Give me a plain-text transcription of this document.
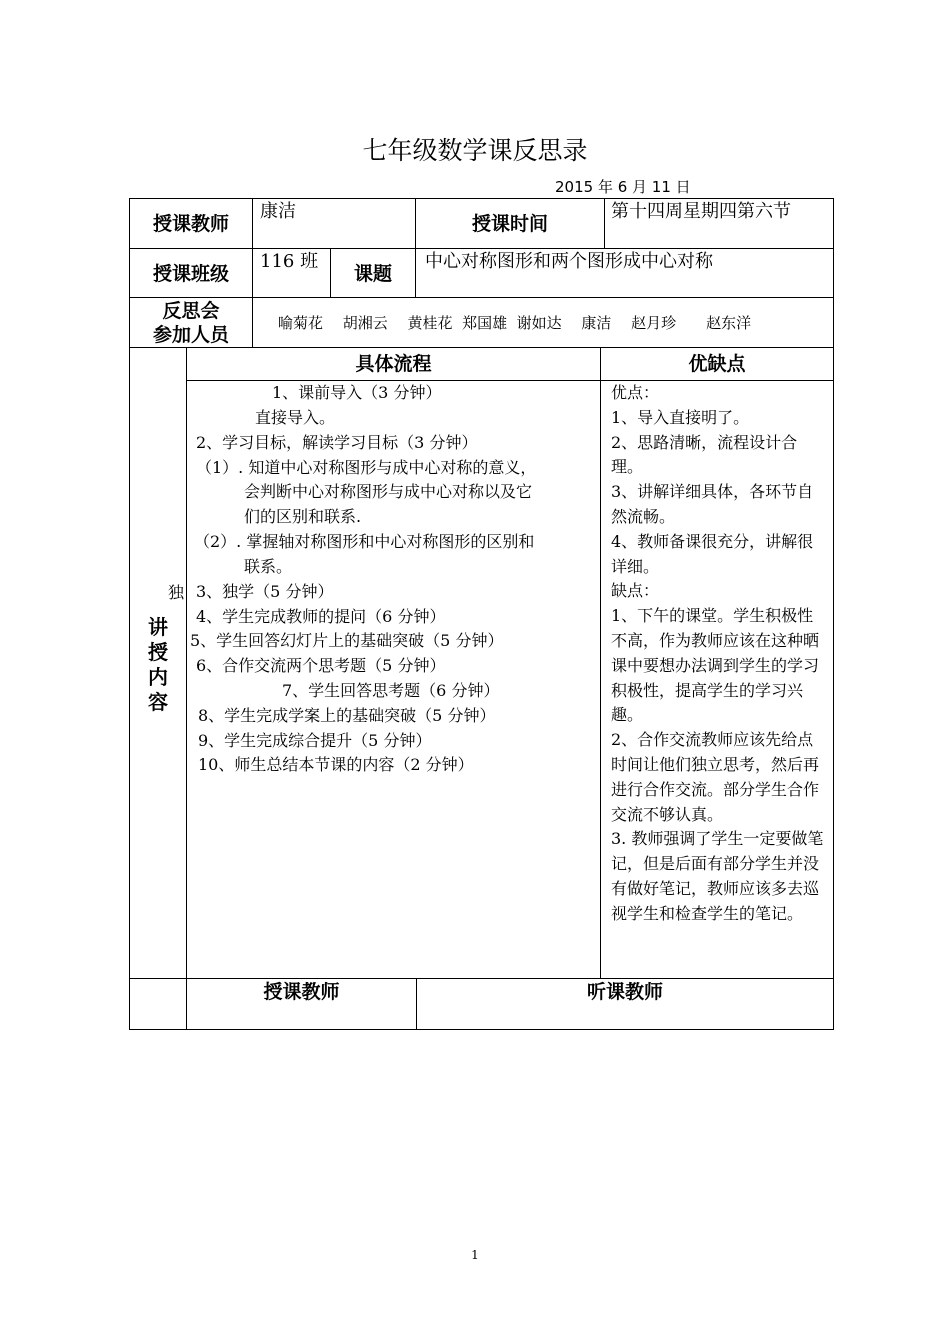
七年级数学课反思录
2015 年 6 月 11 日
授课教师
康洁
授课时间
第十四周星期四第六节
授课班级
116 班
课题
中心对称图形和两个图形成中心对称
反思会
参加人员
喻菊花　 胡湘云　 黄桂花  郑国雄  谢如达　 康洁　 赵月珍　　赵东洋
具体流程	优缺点
独
讲
授
内
容
1、课前导入（3 分钟）
直接导入。
2、学习目标，解读学习目标（3 分钟）
（1）. 知道中心对称图形与成中心对称的意义，
会判断中心对称图形与成中心对称以及它
们的区别和联系.
（2）. 掌握轴对称图形和中心对称图形的区别和
联系。
3、独学（5 分钟）
4、学生完成教师的提问（6 分钟）
5、学生回答幻灯片上的基础突破（5 分钟）
6、合作交流两个思考题（5 分钟）
7、学生回答思考题（6 分钟）
8、学生完成学案上的基础突破（5 分钟）
9、学生完成综合提升（5 分钟）
10、师生总结本节课的内容（2 分钟）
优点：
1、导入直接明了。
2、思路清晰，流程设计合理。
3、讲解详细具体，各环节自然流畅。
4、教师备课很充分，讲解很详细。
缺点：
1、下午的课堂。学生积极性不高，作为教师应该在这种晒课中要想办法调到学生的学习积极性，提高学生的学习兴趣。
2、合作交流教师应该先给点时间让他们独立思考，然后再进行合作交流。部分学生合作交流不够认真。
3. 教师强调了学生一定要做笔记，但是后面有部分学生并没有做好笔记，教师应该多去巡视学生和检查学生的笔记。
授课教师	听课教师
1
